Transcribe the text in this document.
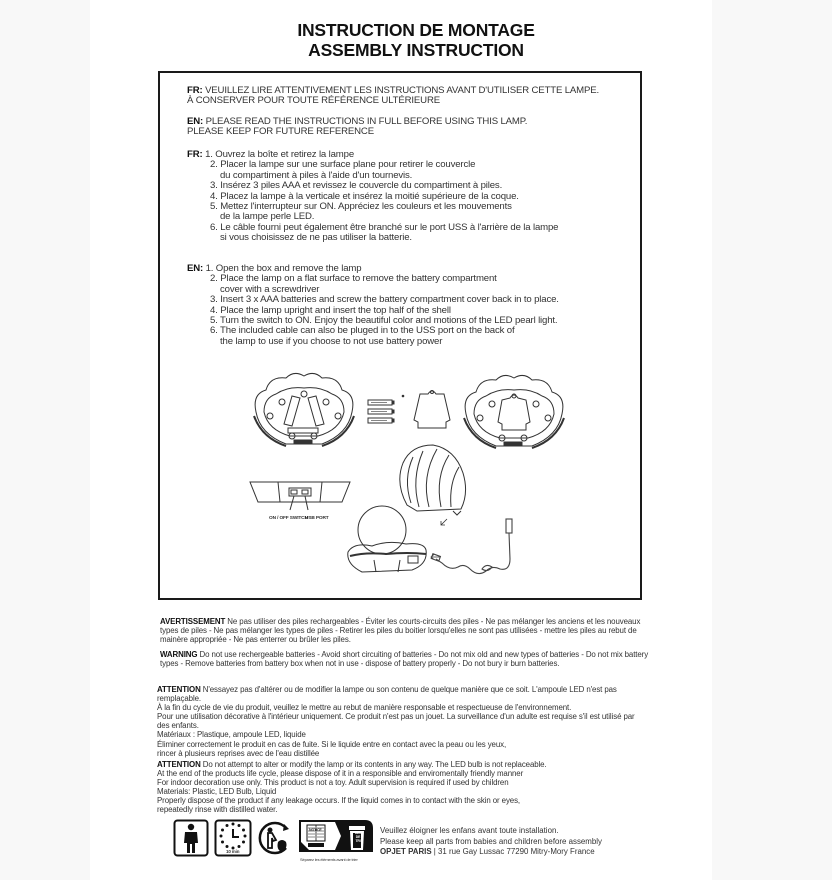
INSTRUCTION DE MONTAGE
ASSEMBLY INSTRUCTION
FR: VEUILLEZ LIRE ATTENTIVEMENT LES INSTRUCTIONS AVANT D'UTILISER CETTE LAMPE.
À CONSERVER POUR TOUTE RÉFÉRENCE ULTÉRIEURE
EN: PLEASE READ THE INSTRUCTIONS IN FULL BEFORE USING THIS LAMP.
PLEASE KEEP FOR FUTURE REFERENCE
FR: 1. Ouvrez la boîte et retirez la lampe
2. Placer la lampe sur une surface plane pour retirer le couvercle
du compartiment à piles à l'aide d'un tournevis.
3. Insérez 3 piles AAA et revissez le couvercle du compartiment à piles.
4. Placez la lampe à la verticale et insérez la moitié supérieure de la coque.
5. Mettez l'interrupteur sur ON. Appréciez les couleurs et les mouvements
de la lampe perle LED.
6. Le câble fourni peut également être branché sur le port USS à l'arrière de la lampe
si vous choisissez de ne pas utiliser la batterie.
EN: 1. Open the box and remove the lamp
2. Place the lamp on a flat surface to remove the battery compartment
cover with a screwdriver
3. Insert 3 x AAA batteries and screw the battery compartment cover back in to place.
4. Place the lamp upright and insert the top half of the shell
5. Turn the switch to ON. Enjoy the beautiful color and motions of the LED pearl light.
6. The included cable can also be pluged in to the USS port on the back of
the lamp to use if you choose to not use battery power
ON / OFF SWITCH
USB PORT
AVERTISSEMENT Ne pas utiliser des piles rechargeables - Éviter les courts-circuits des piles - Ne pas mélanger les anciens et les nouveaux types de piles - Ne pas mélanger les types de piles - Retirer les piles du boitier lorsqu'elles ne sont pas utilisées - mettre les piles au rebut de mainère appropriée - Ne pas enterrer ou brûler les piles.
WARNING Do not use rechergeable batteries - Avoid short circuiting of batteries - Do not mix old and new types of batteries - Do not mix battery types - Remove batteries from battery box when not in use - dispose of battery properly - Do not bury ir burn batteries.
ATTENTION N'essayez pas d'altérer ou de modifier la lampe ou son contenu de quelque manière que ce soit. L'ampoule LED n'est pas remplaçable.
À la fin du cycle de vie du produit, veuillez le mettre au rebut de manière responsable et respectueuse de l'environnement.
Pour une utilisation décorative à l'intérieur uniquement. Ce produit n'est pas un jouet. La surveillance d'un adulte est requise s'il est utilisé par des enfants.
Matériaux : Plastique, ampoule LED, liquide
Éliminer correctement le produit en cas de fuite. Si le liquide entre en contact avec la peau ou les yeux,
rincer à plusieurs reprises avec de l'eau distillée
ATTENTION Do not attempt to alter or modify the lamp or its contents in any way. The LED bulb is not replaceable.
At the end of the products life cycle, please dispose of it in a responsible and enviromentally friendly manner
For indoor decoration use only. This product is not a toy. Adult supervision is required if used by children
Materials: Plastic, LED Bulb, Liquid
Properly dispose of the product if any leakage occurs. If the liquid comes in to contact with the skin or eyes,
repeatedly rinse with distilled water.
10 min
NOTICE
BAC DE TRI
Séparez les éléments avant de trier
Veuillez éloigner les enfans avant toute installation.
Please keep all parts from babies and children before assembly
OPJET PARIS | 31 rue Gay Lussac 77290 Mitry-Mory France
